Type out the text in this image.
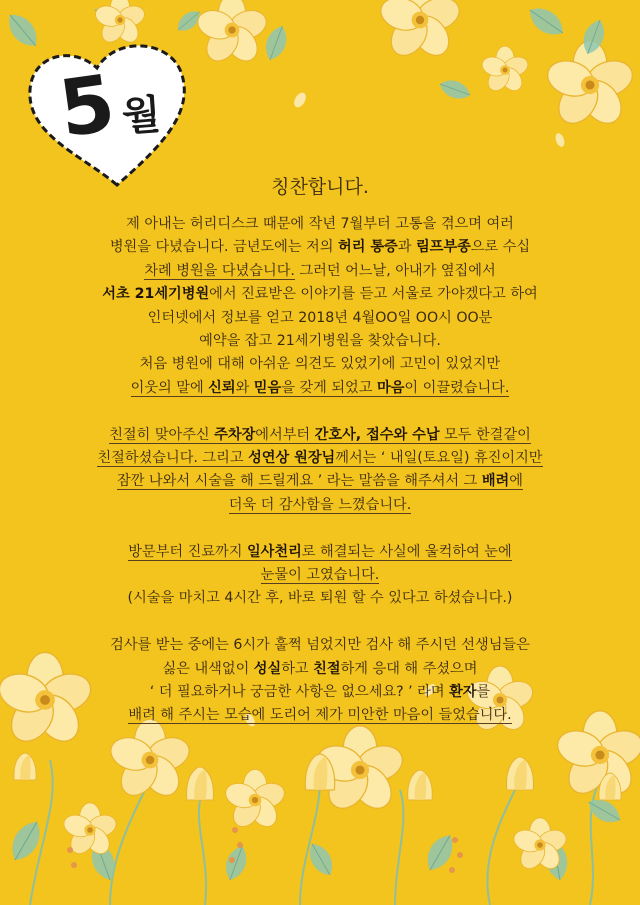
5 월
칭찬합니다.
제 아내는 허리디스크 때문에 작년 7월부터 고통을 겪으며 여러
병원을 다녔습니다. 금년도에는 저의 허리 통증과 림프부종으로 수십
차례 병원을 다녔습니다. 그러던 어느날, 아내가 옆집에서
서초 21세기병원에서 진료받은 이야기를 듣고 서울로 가야겠다고 하여
인터넷에서 정보를 얻고 2018년 4월OO일 OO시 OO분
예약을 잡고 21세기병원을 찾았습니다.
처음 병원에 대해 아쉬운 의견도 있었기에 고민이 있었지만
이웃의 말에 신뢰와 믿음을 갖게 되었고 마음이 이끌렸습니다.
친절히 맞아주신 주차장에서부터 간호사, 접수와 수납 모두 한결같이
친절하셨습니다. 그리고 성연상 원장님께서는 ‘ 내일(토요일) 휴진이지만
잠깐 나와서 시술을 해 드릴게요 ’ 라는 말씀을 해주셔서 그 배려에
더욱 더 감사함을 느꼈습니다.
방문부터 진료까지 일사천리로 해결되는 사실에 울컥하여 눈에
눈물이 고였습니다.
(시술을 마치고 4시간 후, 바로 퇴원 할 수 있다고 하셨습니다.)
검사를 받는 중에는 6시가 훌쩍 넘었지만 검사 해 주시던 선생님들은
싫은 내색없이 성실하고 친절하게 응대 해 주셨으며
‘ 더 필요하거나 궁금한 사항은 없으세요? ’ 라며 환자를
배려 해 주시는 모습에 도리어 제가 미안한 마음이 들었습니다.
